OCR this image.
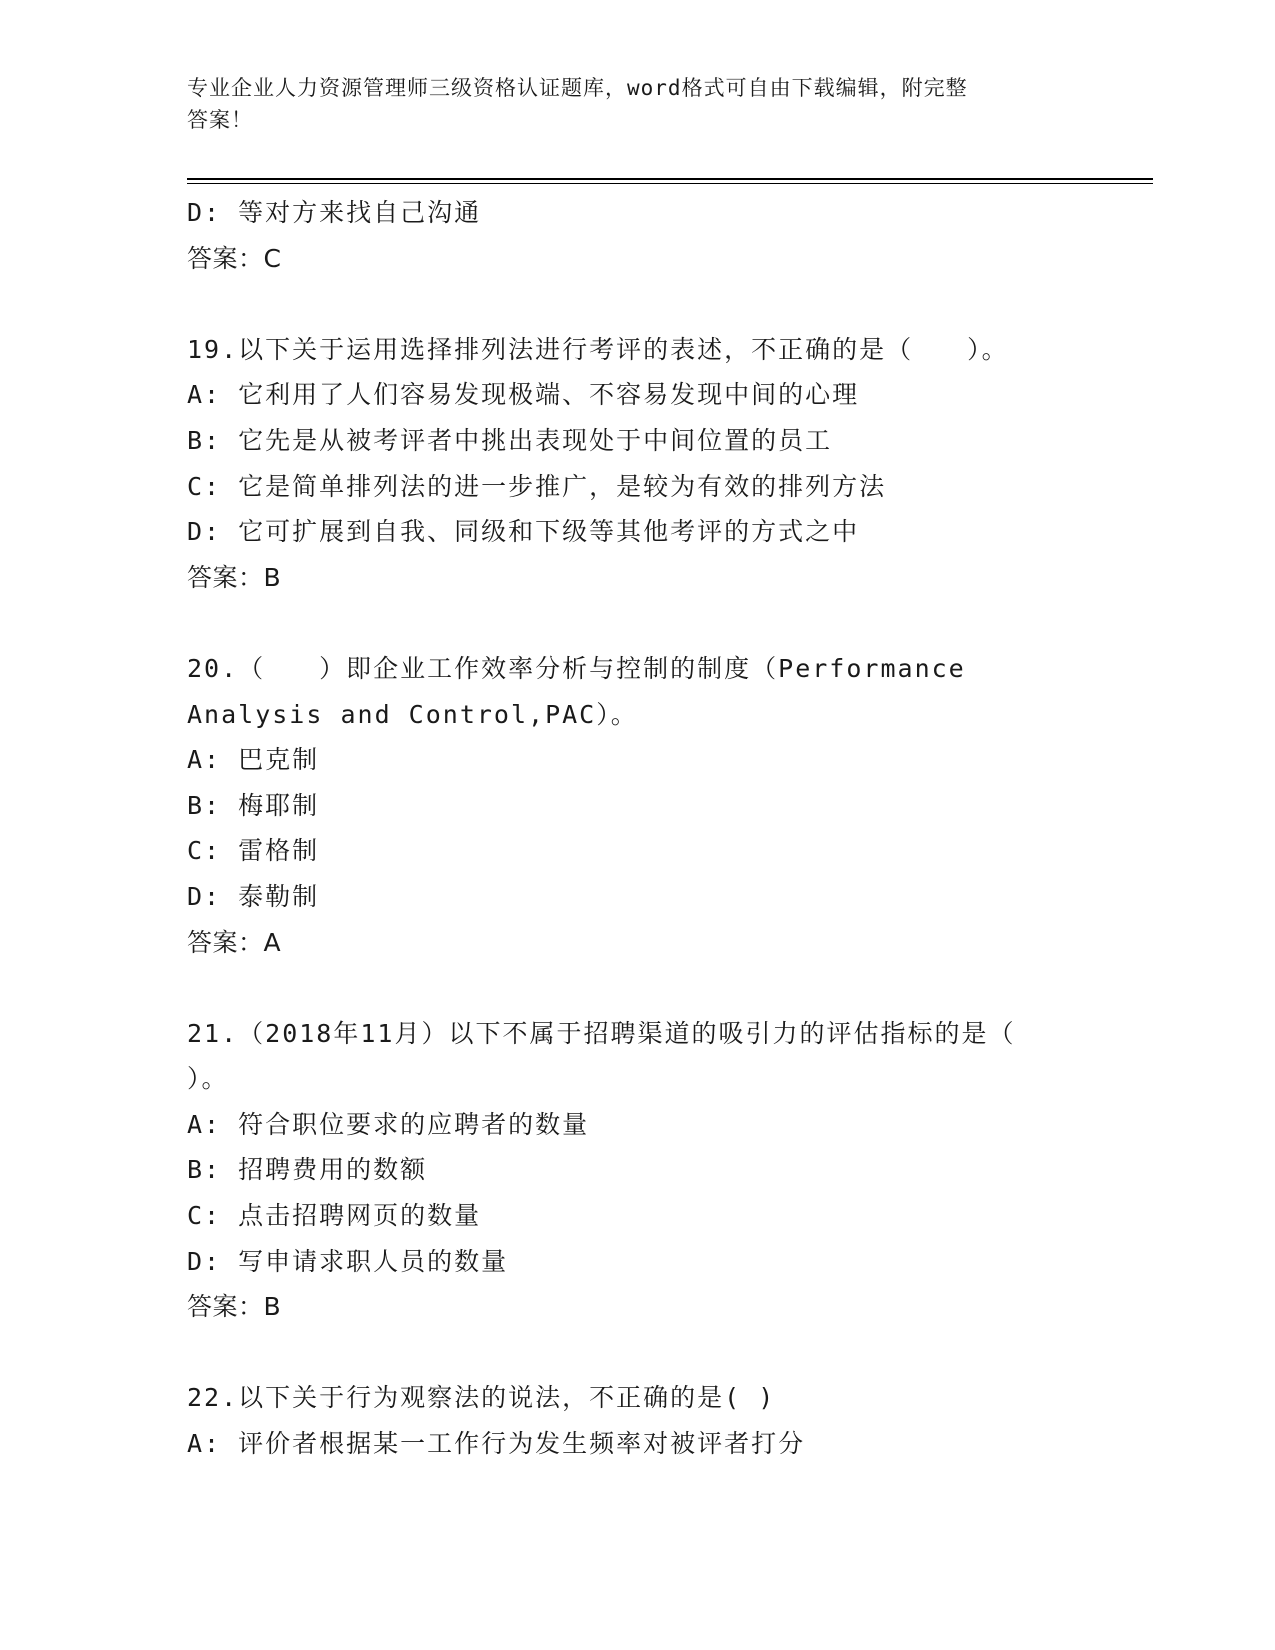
专业企业人力资源管理师三级资格认证题库，word格式可自由下载编辑，附完整
答案！
D: 等对方来找自己沟通
答案：C
19.以下关于运用选择排列法进行考评的表述，不正确的是（　　）。
A: 它利用了人们容易发现极端、不容易发现中间的心理
B: 它先是从被考评者中挑出表现处于中间位置的员工
C: 它是简单排列法的进一步推广，是较为有效的排列方法
D: 它可扩展到自我、同级和下级等其他考评的方式之中
答案：B
20.（　　）即企业工作效率分析与控制的制度（Performance
Analysis and Control,PAC）。
A: 巴克制
B: 梅耶制
C: 雷格制
D: 泰勒制
答案：A
21.（2018年11月）以下不属于招聘渠道的吸引力的评估指标的是（
）。
A: 符合职位要求的应聘者的数量
B: 招聘费用的数额
C: 点击招聘网页的数量
D: 写申请求职人员的数量
答案：B
22.以下关于行为观察法的说法，不正确的是( )
A: 评价者根据某一工作行为发生频率对被评者打分
